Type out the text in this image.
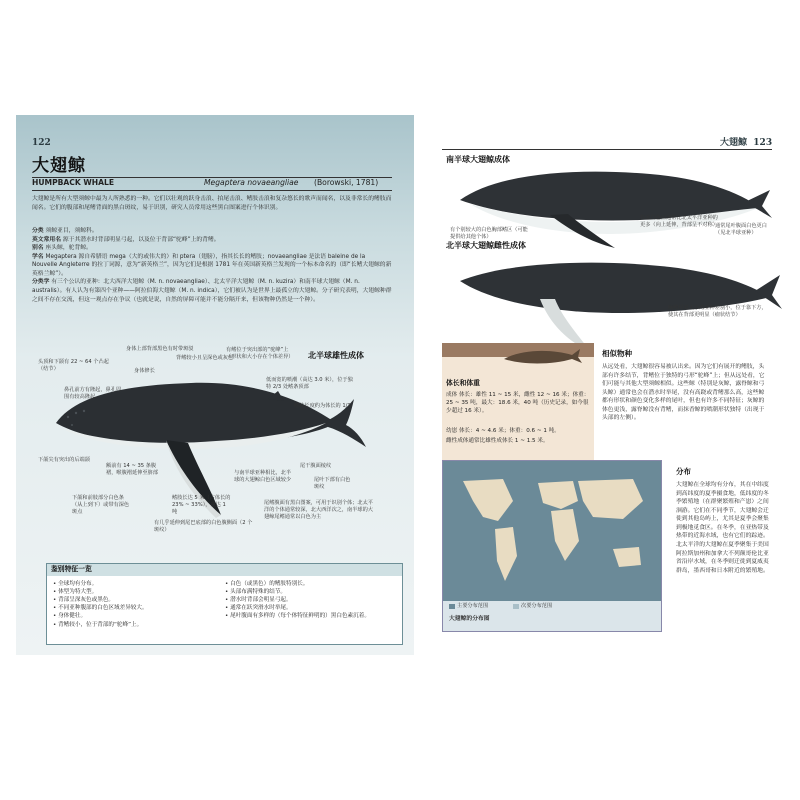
122

大翅鲸

HUMPBACK WHALE	Megaptera novaeangliae (Borowski, 1781)

大翅鲸是所有大型须鲸中最为人所熟悉的一种。它们以壮观的跃身击浪、拍尾击浪、鳍肢击浪和复杂悠长的歌声而闻名，以及非常长的鳍肢而闻名。它们的腹部和尾鳍背面的黑白斑纹，易于识别，研究人员常用这些黑白图案进行个体识别。

分类 须鲸亚目，须鲸科。

英文常用名 源于其潜水时背部明显弓起，以及位于背部“驼峰”上的背鳍。

别名 座头鲸，驼背鲸。

学名 Megaptera 源自希腊语 mega（大的或伟大的）和 ptera（翅膀），指其长长的鳍肢；novaeangliae 是法语 baleine de la Nouvelle Angleterre 的拉丁词源，意为“新英格兰”，因为它们是根据 1781 年在英国新英格兰发现的一个标本命名的（即“长鳍大翅鲸的新英格兰鲸”）。

分类学 有三个公认的亚种：北大西洋大翅鲸（M. n. novaeangliae）、北太平洋大翅鲸（M. n. kuzira）和南半球大翅鲸（M. n. australis）。有人认为有第四个亚种——阿拉伯海大翅鲸（M. n. indica），它们被认为是世界上最孤立的大翅鲸。分子研究表明，大翅鲸种群之间不存在交流，但这一观点存在争议（也就是说，自然的屏障可能并不能分隔开来，但该物种仍然是一个种）。

北半球雄性成体

头顶和下颌有 22 ~ 64 个凸起（结节）

鼻孔前方有隆起，鼻孔周围有较高隆起

身体上部背部黑色有时带斑驳

身体修长

背鳍较小且呈深色或灰色

有鳍位于突出部的“驼峰”上（形状和大小存在个体差异）

低而宽的喷潮（高达 3.0 米），位于独特 2/3 处鳍条顶部

鳍肢长度约为体长的 1/3

下颌尖有突出的后端颌

额前有 14 ~ 35 条腹褶，喉腹褶延伸至脐部

尾干腹面棱纹

下颌和前肢部分白色条（从上到下）或带有深色斑点

鳍肢长达 5 米（占体长的 23% ~ 33%），重达 1 吨

与南半球亚种相比，北半球的大翅鲸白色区域较少	尾叶下部有白色斑纹

有几乎延伸到尾巴底部的白色腹侧面（2 个斑纹）

尾鳍腹面有黑白图案，可用于识别个体；北太平洋的个体通常较深，北大西洋次之，南半球的大翅鲸尾鳍通常以白色为主

鉴别特征一览

• 全球均有分布。

• 体型为特大型。

• 背部呈深灰色或黑色。

• 不同亚种腹部的白色区域差异较大。

• 身体健壮。

• 背鳍较小，位于背部的“驼峰”上。

• 白色（或黑色）的鳍肢特别长。

• 头部布满特殊的结节。

• 潜水时背部会明显弓起。

• 通常在跃突滑水时举尾。

• 尾叶腹面有多样的（每个体特征鲜明的）黑白色素沉着。

大翅鲸 123

南半球大翅鲸成体

有个别较大的白色胸部鳍区（可能提供给其他个体）

腹部白色区通常比北太平洋亚种的更多（向上延伸，背部呈不对称）

通常尾叶腹面白色更白（见北半球亚种）

北半球大翅鲸雌性成体

胸鳍相对大小的亚种差别小，位于靠下方，使其在背部更明显（瘤状结节）

体长和体重

成体 体长：雄性 11 ~ 15 米，雌性 12 ~ 16 米；体重：25 ~ 35 吨，最大：18.6 米，40 吨（历史记录，如今很少超过 16 米）。

幼崽 体长：4 ~ 4.6 米；体重：0.6 ~ 1 吨。

雌性成体通常比雄性成体长 1 ~ 1.5 米。

相似物种

从远处看，大翅鲸很容易被认出来。因为它们有展开的鳍肢，头部有许多结节，背鳍位于独特的弓形“驼峰”上；但从远处看，它们可能与其他大型须鲸相似。这些鲸（特别是灰鲸，露脊鲸和弓头鲸）通常也会在潜水时举尾，没有高跷或背鳍那么高，这些鲸都有形状和颜色变化多样的尾叶，但也有许多不同特征；灰鲸的体色更浅，露脊鲸没有背鳍，而抹香鲸的喷潮形状独特（出现于头部的左侧）。

分布

大翅鲸在全球均有分布，其在中纬度到高纬度的夏季摄食地，低纬度的冬季繁殖地（在群聚繁殖和产崽）之间洄游。它们在不同季节，大翅鲸会迁徙到其他岛屿上，尤其是夏季会聚集到极地觅食区。在冬季，在亚热带及热带的近海水域，也有它们的踪迹。北太平洋的大翅鲸在夏季聚集于美国阿拉斯加州和加拿大不列颠哥伦比亚省沿岸水域，在冬季则迁徙到夏威夷群岛，墨西哥和日本附近的繁殖地。

主要分布范围	次要分布范围

大翅鲸的分布图
